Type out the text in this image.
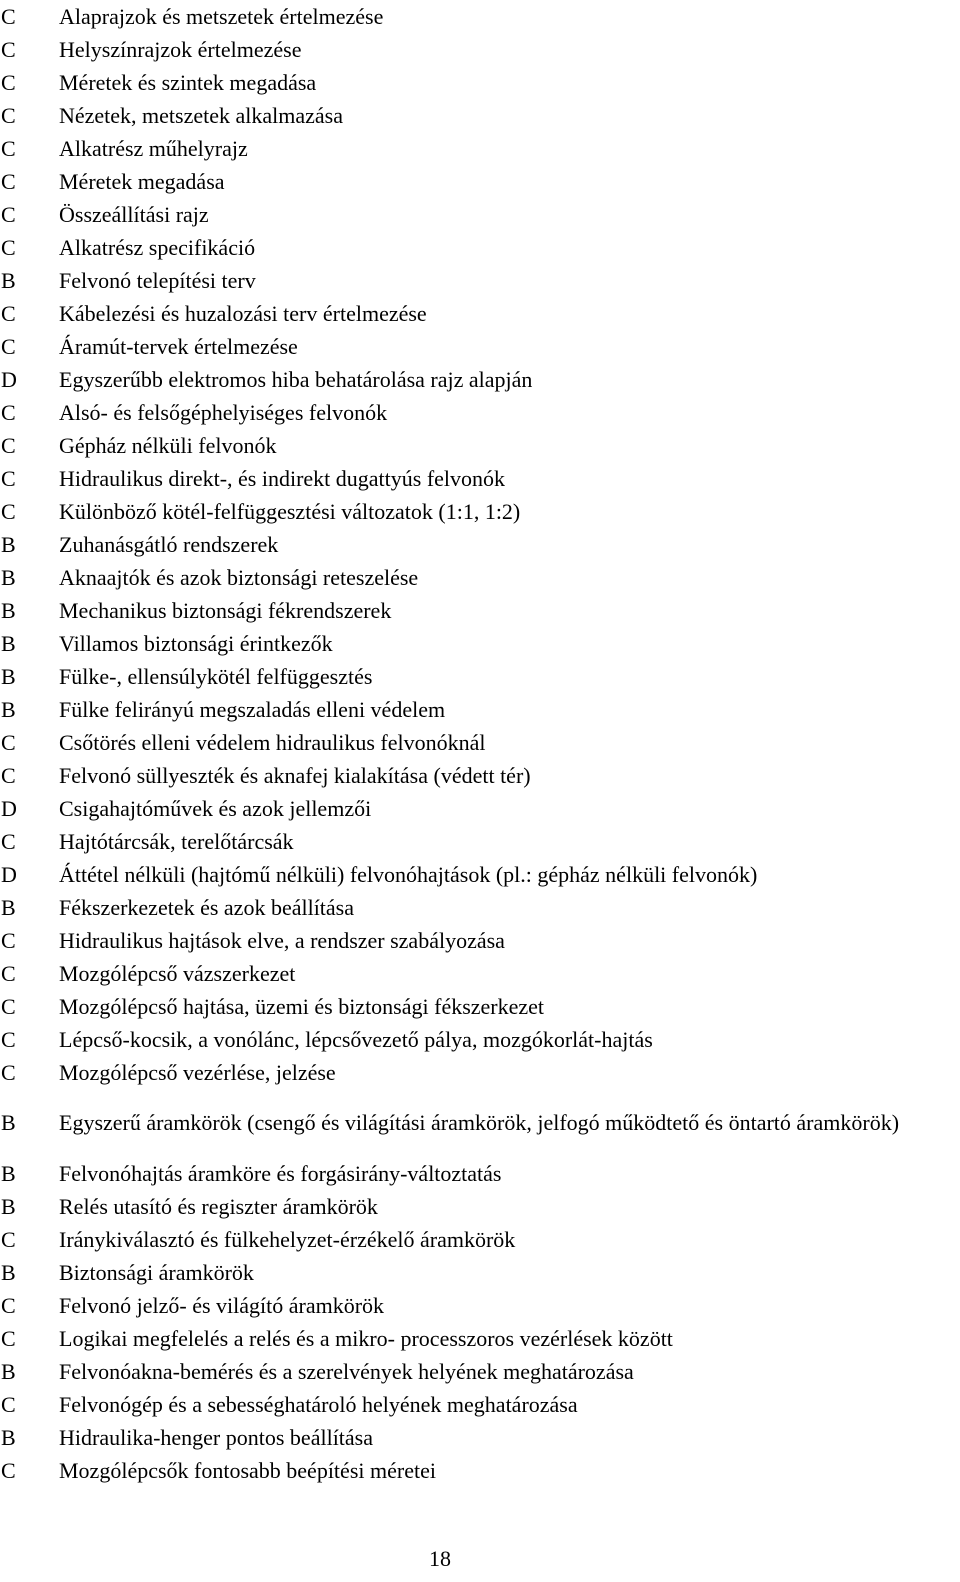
C	Alaprajzok és metszetek értelmezése
C	Helyszínrajzok értelmezése
C	Méretek és szintek megadása
C	Nézetek, metszetek alkalmazása
C	Alkatrész műhelyrajz
C	Méretek megadása
C	Összeállítási rajz
C	Alkatrész specifikáció
B	Felvonó telepítési terv
C	Kábelezési és huzalozási terv értelmezése
C	Áramút-tervek értelmezése
D	Egyszerűbb elektromos hiba behatárolása rajz alapján
C	Alsó- és felsőgéphelyiséges felvonók
C	Gépház nélküli felvonók
C	Hidraulikus direkt-, és indirekt dugattyús felvonók
C	Különböző kötél-felfüggesztési változatok (1:1, 1:2)
B	Zuhanásgátló rendszerek
B	Aknaajtók és azok biztonsági reteszelése
B	Mechanikus biztonsági fékrendszerek
B	Villamos biztonsági érintkezők
B	Fülke-, ellensúlykötél felfüggesztés
B	Fülke felirányú megszaladás elleni védelem
C	Csőtörés elleni védelem hidraulikus felvonóknál
C	Felvonó süllyeszték és aknafej kialakítása (védett tér)
D	Csigahajtóművek és azok jellemzői
C	Hajtótárcsák, terelőtárcsák
D	Áttétel nélküli (hajtómű nélküli) felvonóhajtások (pl.: gépház nélküli felvonók)
B	Fékszerkezetek és azok beállítása
C	Hidraulikus hajtások elve, a rendszer szabályozása
C	Mozgólépcső vázszerkezet
C	Mozgólépcső hajtása, üzemi és biztonsági fékszerkezet
C	Lépcső-kocsik, a vonólánc, lépcsővezető pálya, mozgókorlát-hajtás
C	Mozgólépcső vezérlése, jelzése
B	Egyszerű áramkörök (csengő és világítási áramkörök, jelfogó működtető és öntartó áramkörök)
B	Felvonóhajtás áramköre és forgásirány-változtatás
B	Relés utasító és regiszter áramkörök
C	Iránykiválasztó és fülkehelyzet-érzékelő áramkörök
B	Biztonsági áramkörök
C	Felvonó jelző- és világító áramkörök
C	Logikai megfelelés a relés és a mikro- processzoros vezérlések között
B	Felvonóakna-bemérés és a szerelvények helyének meghatározása
C	Felvonógép és a sebességhatároló helyének meghatározása
B	Hidraulika-henger pontos beállítása
C	Mozgólépcsők fontosabb beépítési méretei
18
